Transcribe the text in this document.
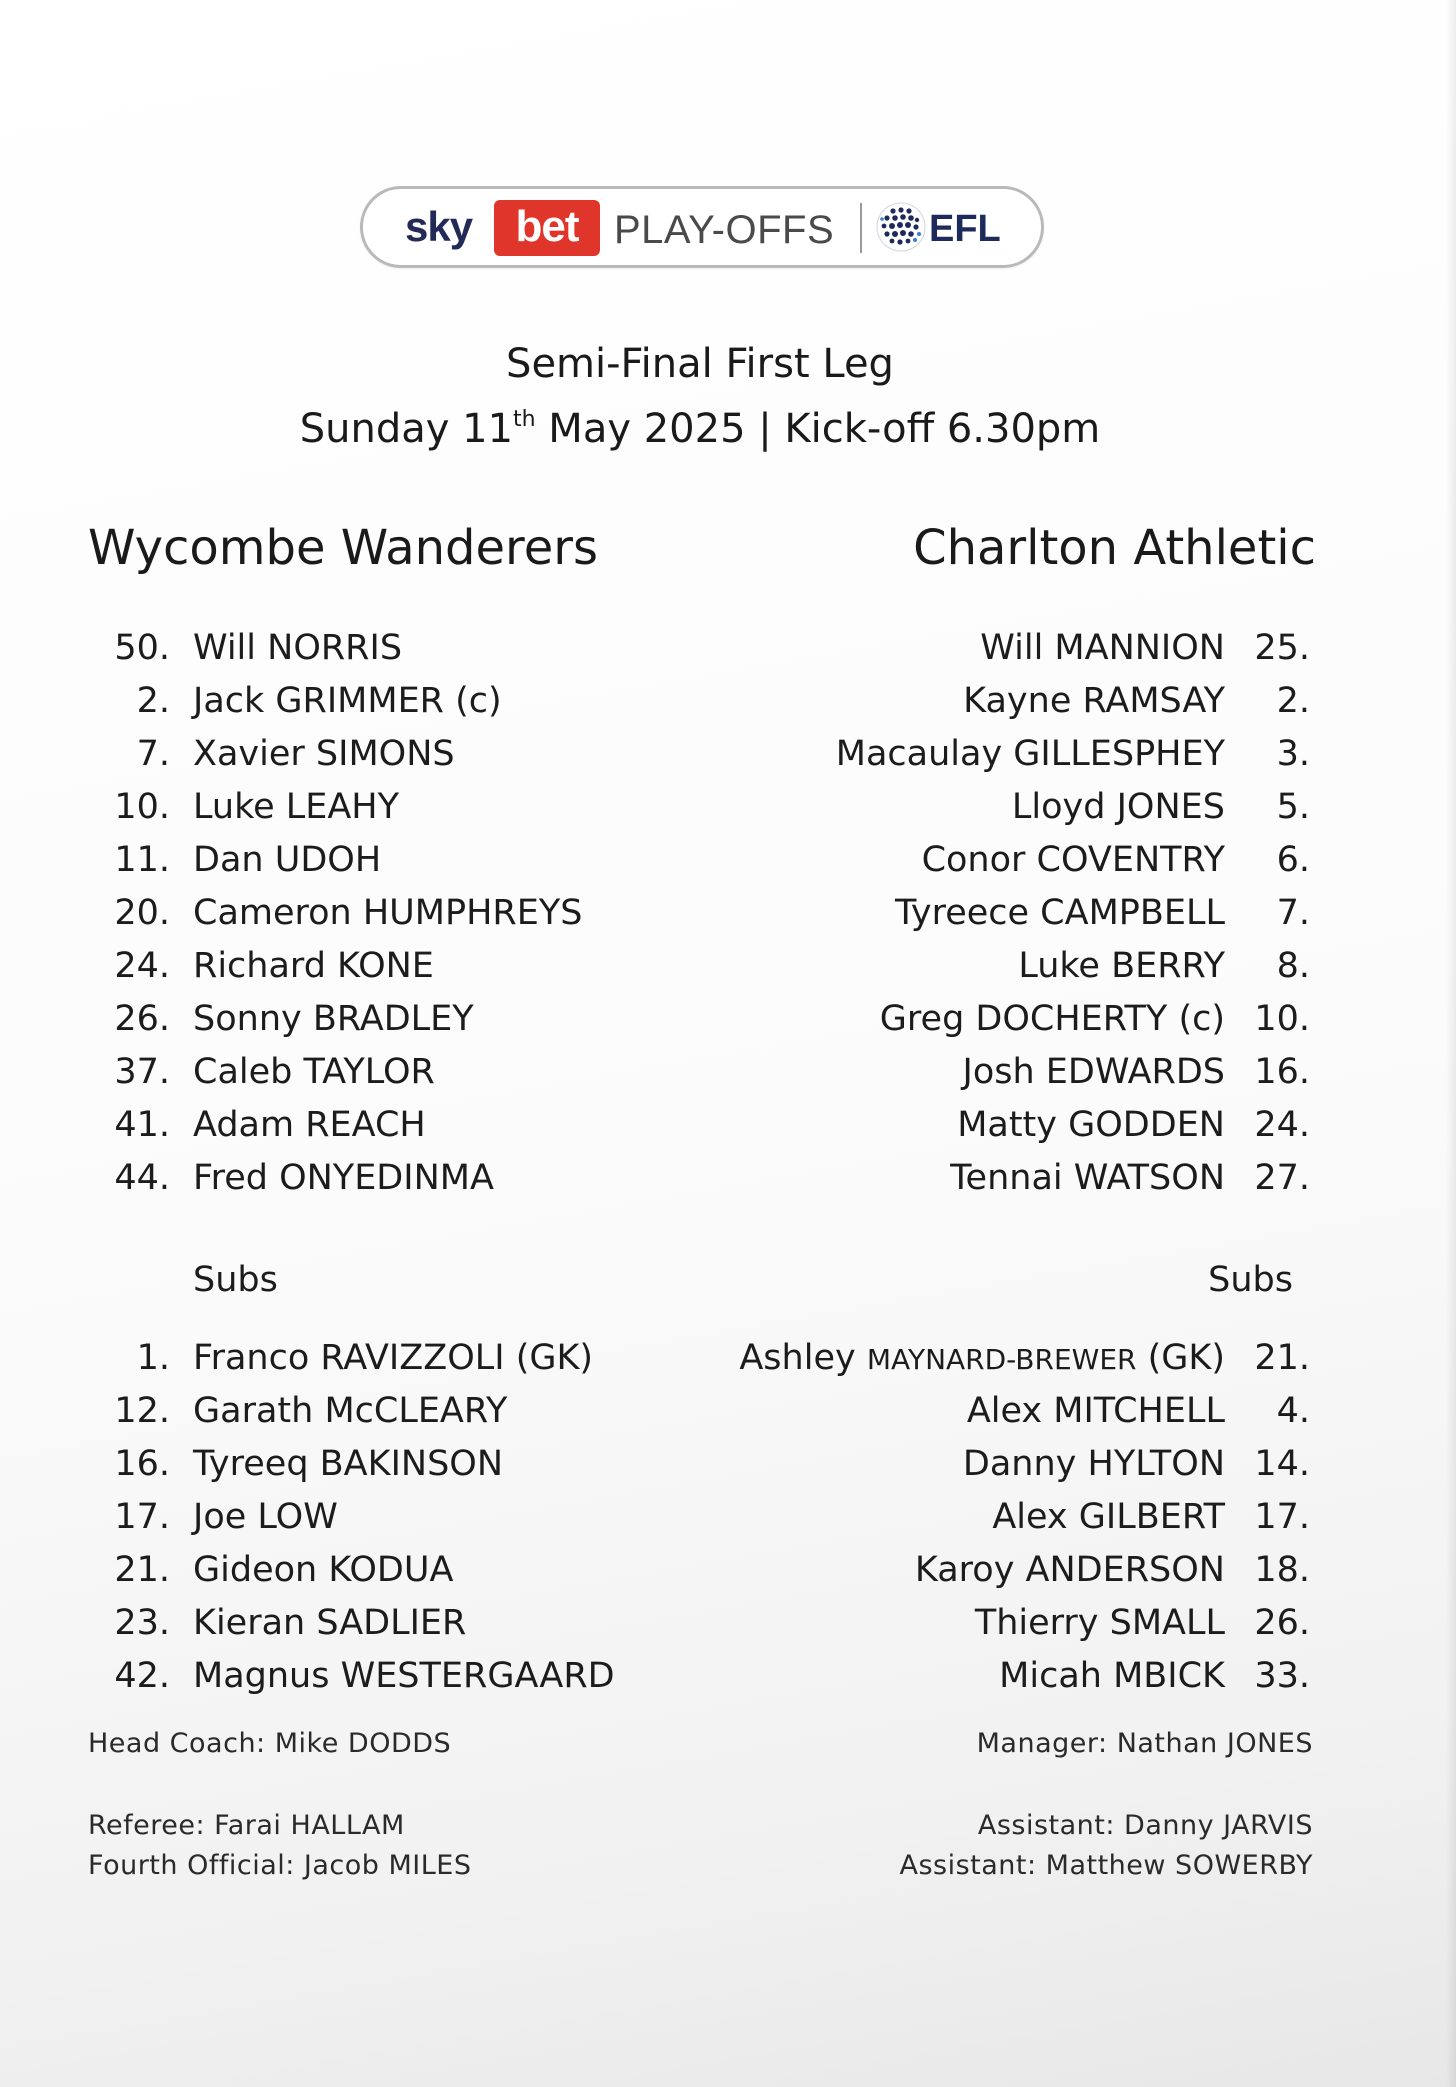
sky bet PLAY-OFFS EFL
Semi-Final First Leg
Sunday 11th May 2025 | Kick-off 6.30pm
Wycombe Wanderers	Charlton Athletic
50. Will NORRIS
2. Jack GRIMMER (c)
7. Xavier SIMONS
10. Luke LEAHY
11. Dan UDOH
20. Cameron HUMPHREYS
24. Richard KONE
26. Sonny BRADLEY
37. Caleb TAYLOR
41. Adam REACH
44. Fred ONYEDINMA
Will MANNION 25.
Kayne RAMSAY	2.
Macaulay GILLESPHEY	3.
Lloyd JONES	5.
Conor COVENTRY	6.
Tyreece CAMPBELL	7.
Luke BERRY	8.
Greg DOCHERTY (c) 10.
Josh EDWARDS 16.
Matty GODDEN 24.
Tennai WATSON 27.
Subs	Subs
1. Franco RAVIZZOLI (GK)
12. Garath McCLEARY
16. Tyreeq BAKINSON
17. Joe LOW
21. Gideon KODUA
23. Kieran SADLIER
42. Magnus WESTERGAARD
Ashley MAYNARD-BREWER (GK) 21.
Alex MITCHELL	4.
Danny HYLTON 14.
Alex GILBERT 17.
Karoy ANDERSON 18.
Thierry SMALL 26.
Micah MBICK 33.
Head Coach: Mike DODDS	Manager: Nathan JONES
Referee: Farai HALLAM
Fourth Official: Jacob MILES
Assistant: Danny JARVIS
Assistant: Matthew SOWERBY
